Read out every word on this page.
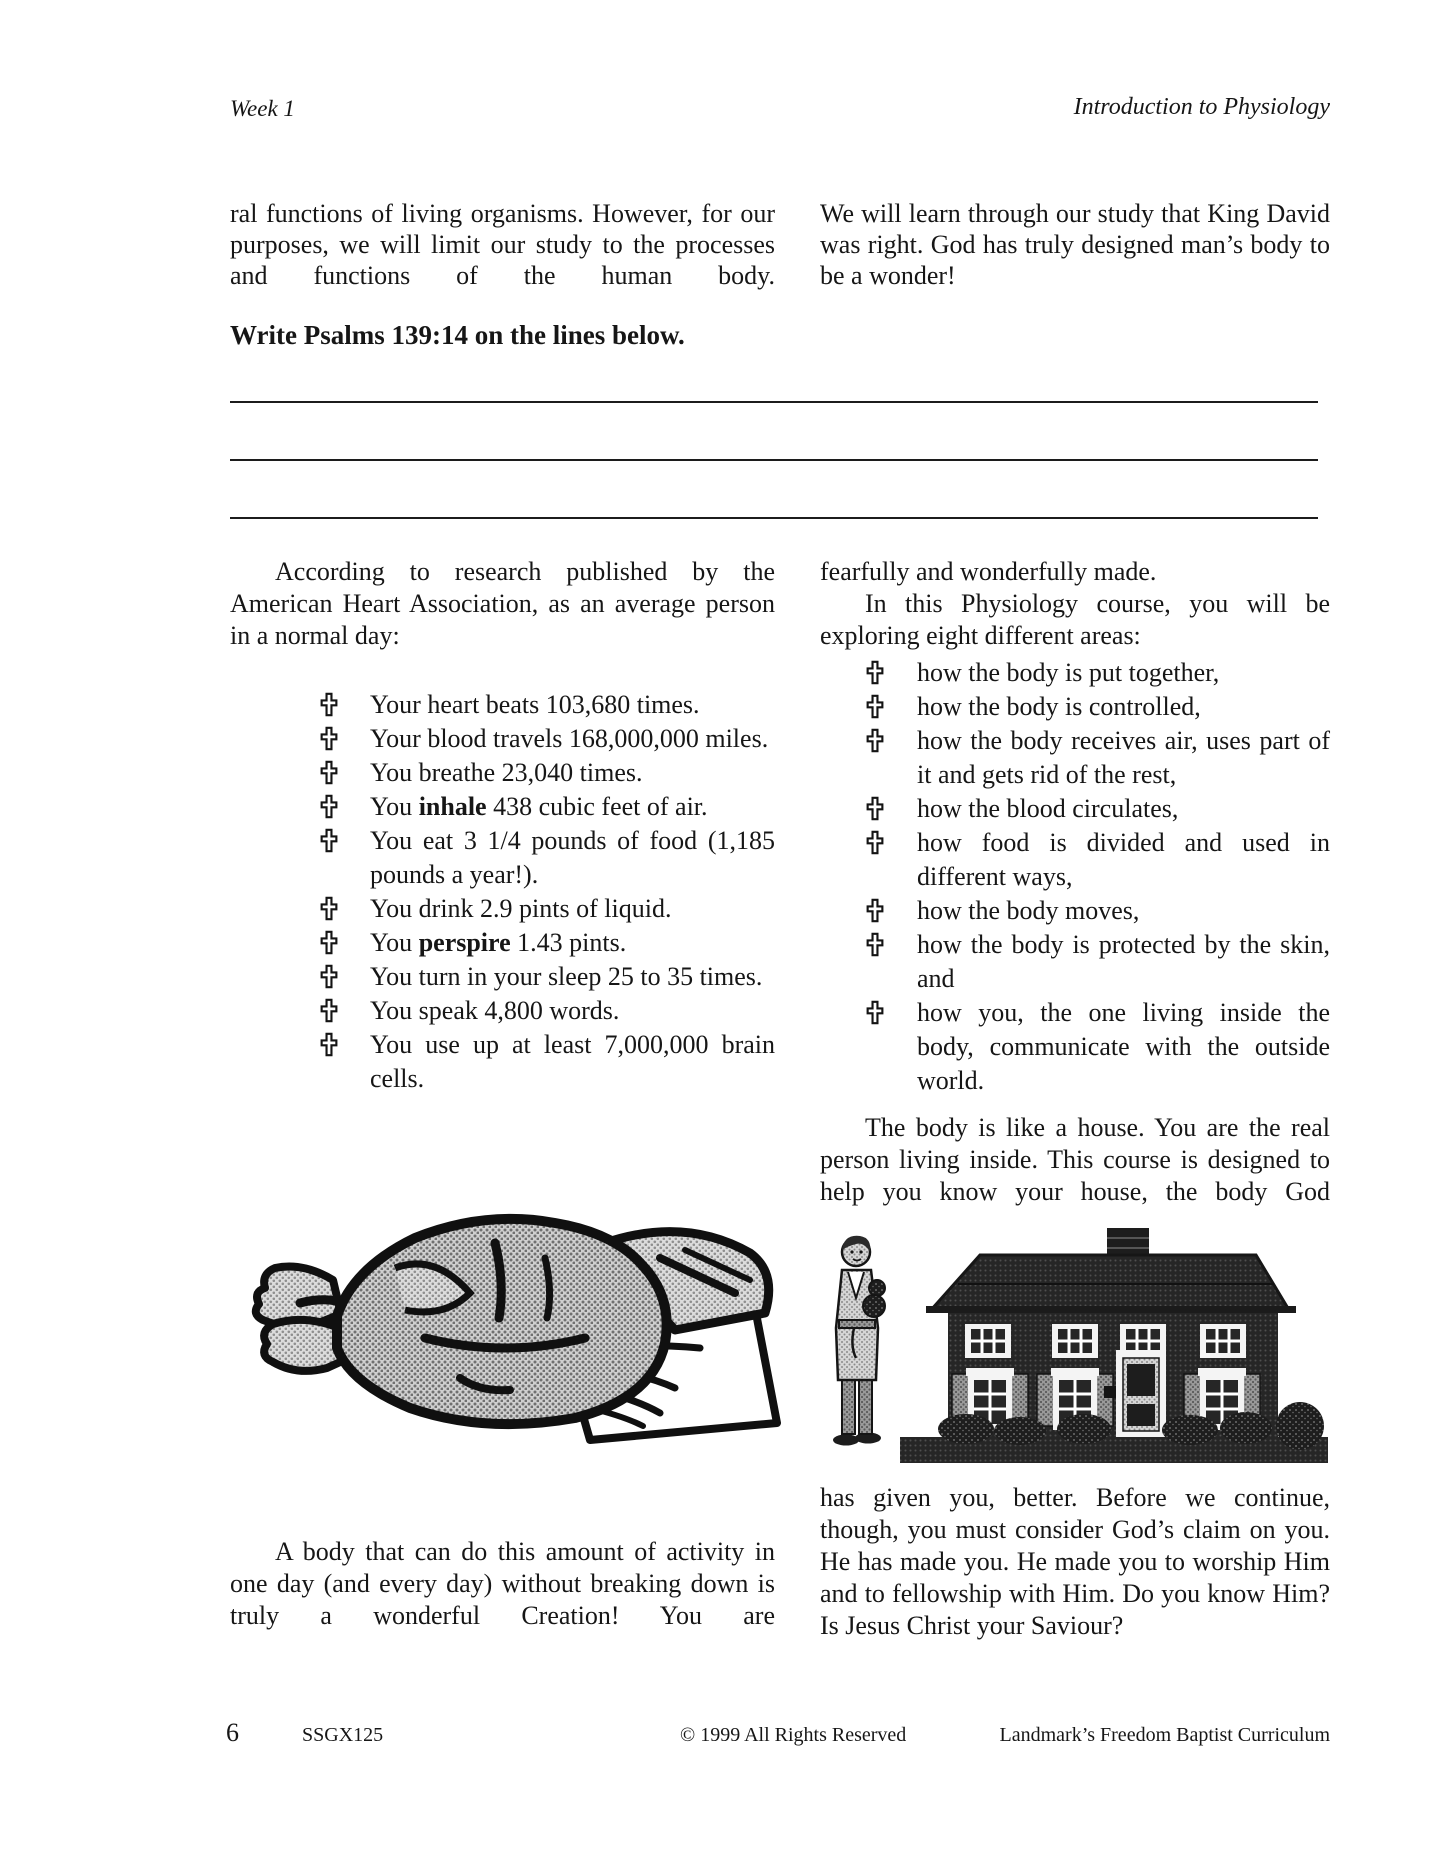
Week 1	Introduction to Physiology
ral functions of living organisms. However, for our purposes, we will limit our study to the processes and functions of the human body.
Write Psalms 139:14 on the lines below.
According to research published by the American Heart Association, as an average person in a normal day:
Your heart beats 103,680 times.
Your blood travels 168,000,000 miles.
You breathe 23,040 times.
You inhale 438 cubic feet of air.
You eat 3 1/4 pounds of food (1,185 pounds a year!).
You drink 2.9 pints of liquid.
You perspire 1.43 pints.
You turn in your sleep 25 to 35 times.
You speak 4,800 words.
You use up at least 7,000,000 brain cells.
A body that can do this amount of activity in one day (and every day) without breaking down is truly a wonderful Creation! You are
We will learn through our study that King David was right. God has truly designed man’s body to be a wonder!
fearfully and wonderfully made.
In this Physiology course, you will be exploring eight different areas:
how the body is put together,
how the body is controlled,
how the body receives air, uses part of it and gets rid of the rest,
how the blood circulates,
how food is divided and used in different ways,
how the body moves,
how the body is protected by the skin, and
how you, the one living inside the body, communicate with the outside world.
The body is like a house. You are the real person living inside. This course is designed to help you know your house, the body God
has given you, better. Before we continue, though, you must consider God’s claim on you. He has made you. He made you to worship Him and to fellowship with Him. Do you know Him? Is Jesus Christ your Saviour?
6	SSGX125	© 1999 All Rights Reserved	Landmark’s Freedom Baptist Curriculum
